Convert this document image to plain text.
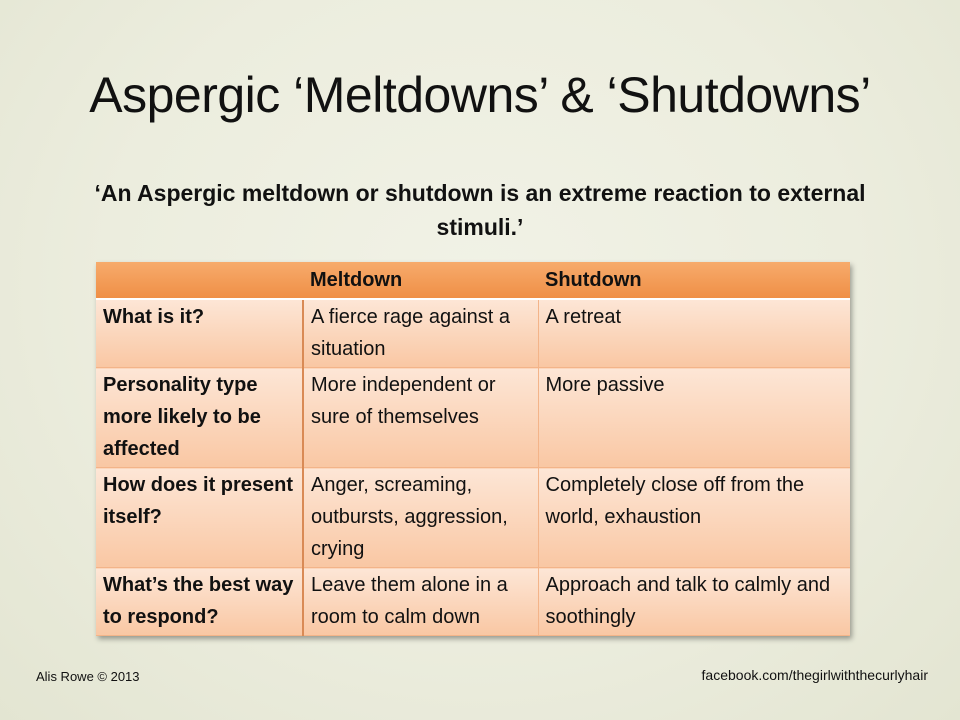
Aspergic ‘Meltdowns’ & ‘Shutdowns’

‘An Aspergic meltdown or shutdown is an extreme reaction to external stimuli.’

	Meltdown	Shutdown
What is it?	A fierce rage against a situation	A retreat
Personality type more likely to be affected	More independent or sure of themselves	More passive
How does it present itself?	Anger, screaming, outbursts, aggression, crying	Completely close off from the world, exhaustion
What’s the best way to respond?	Leave them alone in a room to calm down	Approach and talk to calmly and soothingly
Alis Rowe © 2013	facebook.com/thegirlwiththecurlyhair
